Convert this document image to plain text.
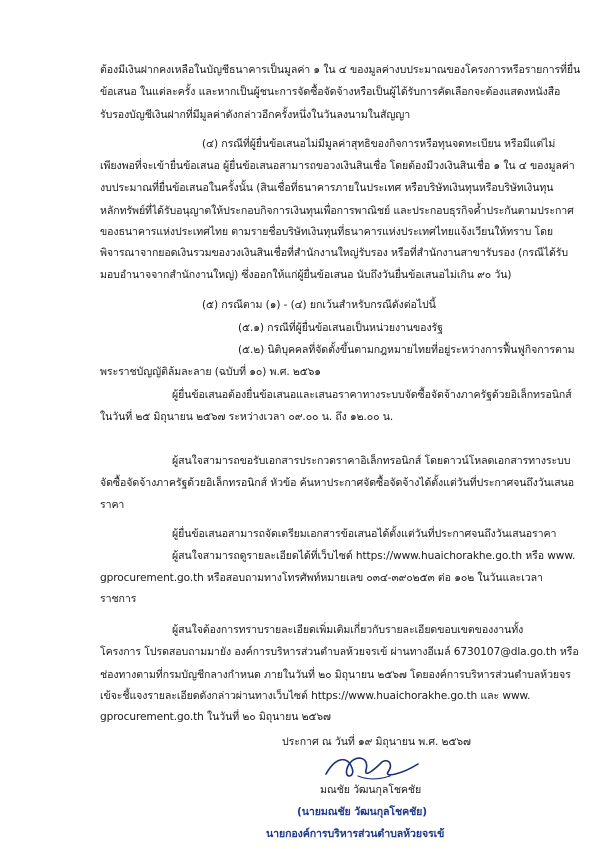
ต้องมีเงินฝากคงเหลือในบัญชีธนาคารเป็นมูลค่า ๑ ใน ๔ ของมูลค่างบประมาณของโครงการหรือรายการที่ยื่น
ข้อเสนอ ในแต่ละครั้ง และหากเป็นผู้ชนะการจัดซื้อจัดจ้างหรือเป็นผู้ได้รับการคัดเลือกจะต้องแสดงหนังสือ
รับรองบัญชีเงินฝากที่มีมูลค่าดังกล่าวอีกครั้งหนึ่งในวันลงนามในสัญญา
(๔) กรณีที่ผู้ยื่นข้อเสนอไม่มีมูลค่าสุทธิของกิจการหรือทุนจดทะเบียน หรือมีแต่ไม่
เพียงพอที่จะเข้ายื่นข้อเสนอ ผู้ยื่นข้อเสนอสามารถขอวงเงินสินเชื่อ โดยต้องมีวงเงินสินเชื่อ ๑ ใน ๔ ของมูลค่า
งบประมาณที่ยื่นข้อเสนอในครั้งนั้น (สินเชื่อที่ธนาคารภายในประเทศ หรือบริษัทเงินทุนหรือบริษัทเงินทุน
หลักทรัพย์ที่ได้รับอนุญาตให้ประกอบกิจการเงินทุนเพื่อการพาณิชย์ และประกอบธุรกิจค้ำประกันตามประกาศ
ของธนาคารแห่งประเทศไทย ตามรายชื่อบริษัทเงินทุนที่ธนาคารแห่งประเทศไทยแจ้งเวียนให้ทราบ โดย
พิจารณาจากยอดเงินรวมของวงเงินสินเชื่อที่สำนักงานใหญ่รับรอง หรือที่สำนักงานสาขารับรอง (กรณีได้รับ
มอบอำนาจจากสำนักงานใหญ่) ซึ่งออกให้แก่ผู้ยื่นข้อเสนอ นับถึงวันยื่นข้อเสนอไม่เกิน ๙๐ วัน)
(๕) กรณีตาม (๑) - (๔) ยกเว้นสำหรับกรณีดังต่อไปนี้
(๕.๑) กรณีที่ผู้ยื่นข้อเสนอเป็นหน่วยงานของรัฐ
(๕.๒) นิติบุคคลที่จัดตั้งขึ้นตามกฎหมายไทยที่อยู่ระหว่างการฟื้นฟูกิจการตาม
พระราชบัญญัติล้มละลาย (ฉบับที่ ๑๐) พ.ศ. ๒๕๖๑
ผู้ยื่นข้อเสนอต้องยื่นข้อเสนอและเสนอราคาทางระบบจัดซื้อจัดจ้างภาครัฐด้วยอิเล็กทรอนิกส์
ในวันที่ ๒๕ มิถุนายน ๒๕๖๗ ระหว่างเวลา ๐๙.๐๐ น. ถึง ๑๒.๐๐ น.
ผู้สนใจสามารถขอรับเอกสารประกวดราคาอิเล็กทรอนิกส์ โดยดาวน์โหลดเอกสารทางระบบ
จัดซื้อจัดจ้างภาครัฐด้วยอิเล็กทรอนิกส์ หัวข้อ ค้นหาประกาศจัดซื้อจัดจ้างได้ตั้งแต่วันที่ประกาศจนถึงวันเสนอ
ราคา
ผู้ยื่นข้อเสนอสามารถจัดเตรียมเอกสารข้อเสนอได้ตั้งแต่วันที่ประกาศจนถึงวันเสนอราคา
ผู้สนใจสามารถดูรายละเอียดได้ที่เว็บไซต์ https://www.huaichorakhe.go.th หรือ www.
gprocurement.go.th หรือสอบถามทางโทรศัพท์หมายเลข ๐๓๔-๓๙๐๒๕๓ ต่อ ๑๐๒ ในวันและเวลา
ราชการ
ผู้สนใจต้องการทราบรายละเอียดเพิ่มเติมเกี่ยวกับรายละเอียดขอบเขตของงานทั้ง
โครงการ โปรดสอบถามมายัง องค์การบริหารส่วนตำบลห้วยจรเข้ ผ่านทางอีเมล์ 6730107@dla.go.th หรือ
ช่องทางตามที่กรมบัญชีกลางกำหนด ภายในวันที่ ๒๐ มิถุนายน ๒๕๖๗ โดยองค์การบริหารส่วนตำบลห้วยจร
เข้จะชี้แจงรายละเอียดดังกล่าวผ่านทางเว็บไซต์ https://www.huaichorakhe.go.th และ www.
gprocurement.go.th ในวันที่ ๒๐ มิถุนายน ๒๕๖๗
ประกาศ ณ วันที่ ๑๙ มิถุนายน พ.ศ. ๒๕๖๗
มณชัย วัฒนกุลโชคชัย
(นายมณชัย วัฒนกุลโชคชัย)
นายกองค์การบริหารส่วนตำบลห้วยจรเข้
